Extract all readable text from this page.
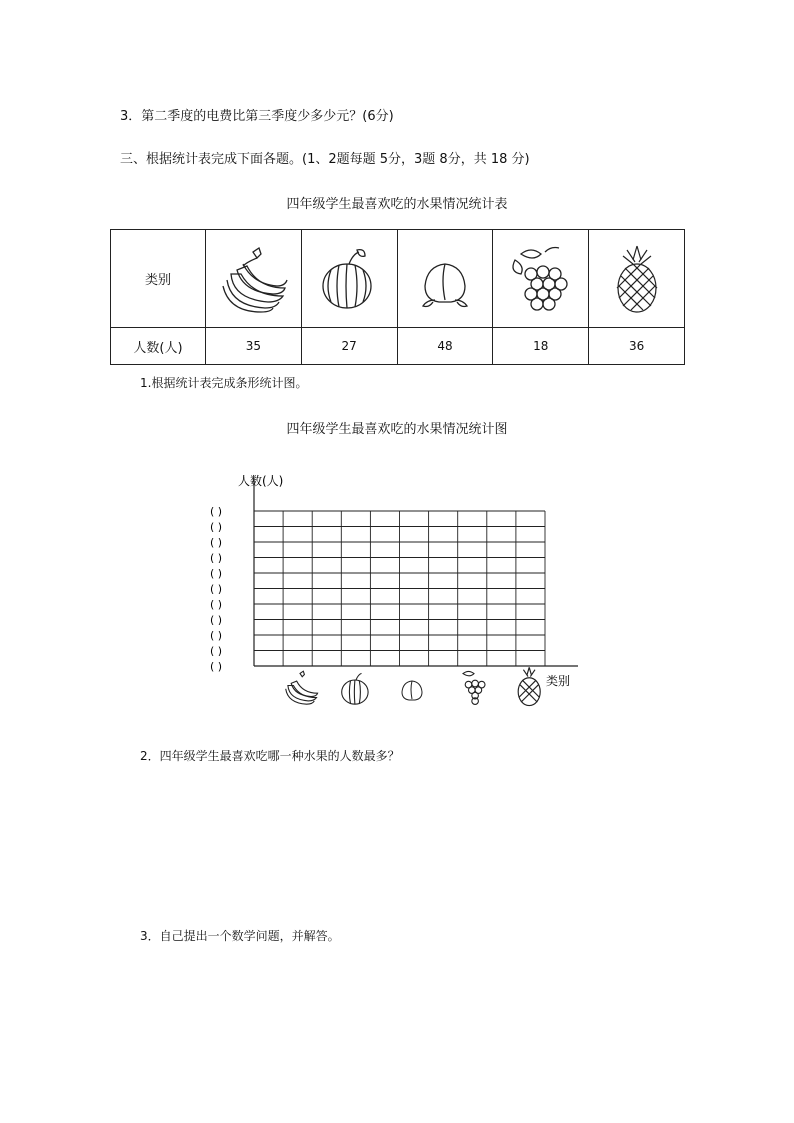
3．第二季度的电费比第三季度少多少元？(6分)
三、根据统计表完成下面各题。(1、2题每题 5分，3题 8分，共 18 分)
四年级学生最喜欢吃的水果情况统计表
类别	

人数(人)	35	27	48	18	36
1.根据统计表完成条形统计图。
四年级学生最喜欢吃的水果情况统计图
人数(人)
( )
( )
( )
( )
( )
( )
( )
( )
( )
( )
( )
类别
2．四年级学生最喜欢吃哪一种水果的人数最多？
3．自己提出一个数学问题，并解答。
